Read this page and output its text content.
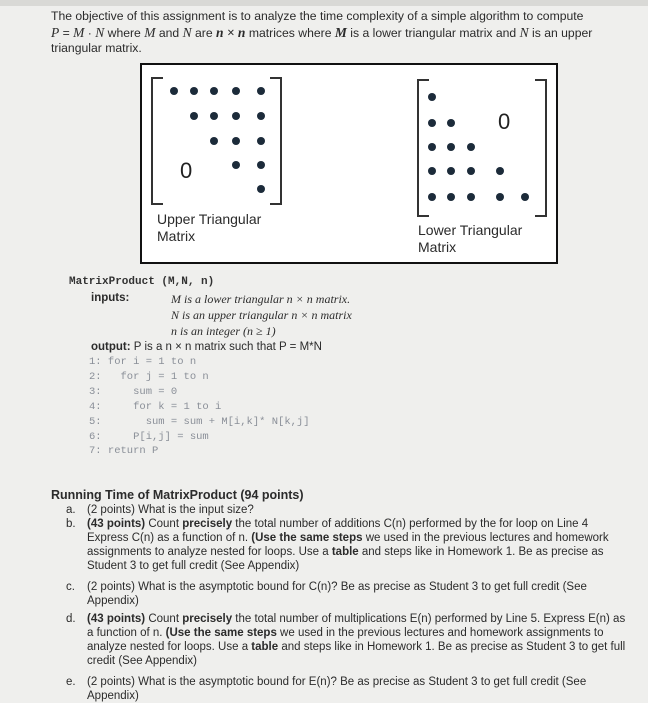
The objective of this assignment is to analyze the time complexity of a simple algorithm to compute
P = M · N where M and N are n × n matrices where M is a lower triangular matrix and N is an upper
triangular matrix.
0
Upper Triangular
Matrix
0
Lower Triangular
Matrix
MatrixProduct (M,N, n)
inputs:	M is a lower triangular n × n matrix.
N is an upper triangular n × n matrix
n is an integer (n ≥ 1)
output: P is a n × n matrix such that P = M*N
1: for i = 1 to n
2:   for j = 1 to n
3:     sum = 0
4:     for k = 1 to i
5:       sum = sum + M[i,k]* N[k,j]
6:     P[i,j] = sum
7: return P
Running Time of MatrixProduct (94 points)
a. (2 points) What is the input size?
b. (43 points) Count precisely the total number of additions C(n) performed by the for loop on Line 4 Express C(n) as a function of n. (Use the same steps we used in the previous lectures and homework assignments to analyze nested for loops. Use a table and steps like in Homework 1. Be as precise as Student 3 to get full credit (See Appendix)
c. (2 points) What is the asymptotic bound for C(n)? Be as precise as Student 3 to get full credit (See Appendix)
d. (43 points) Count precisely the total number of multiplications E(n) performed by Line 5. Express E(n) as a function of n. (Use the same steps we used in the previous lectures and homework assignments to analyze nested for loops. Use a table and steps like in Homework 1. Be as precise as Student 3 to get full credit (See Appendix)
e. (2 points) What is the asymptotic bound for E(n)? Be as precise as Student 3 to get full credit (See Appendix)
